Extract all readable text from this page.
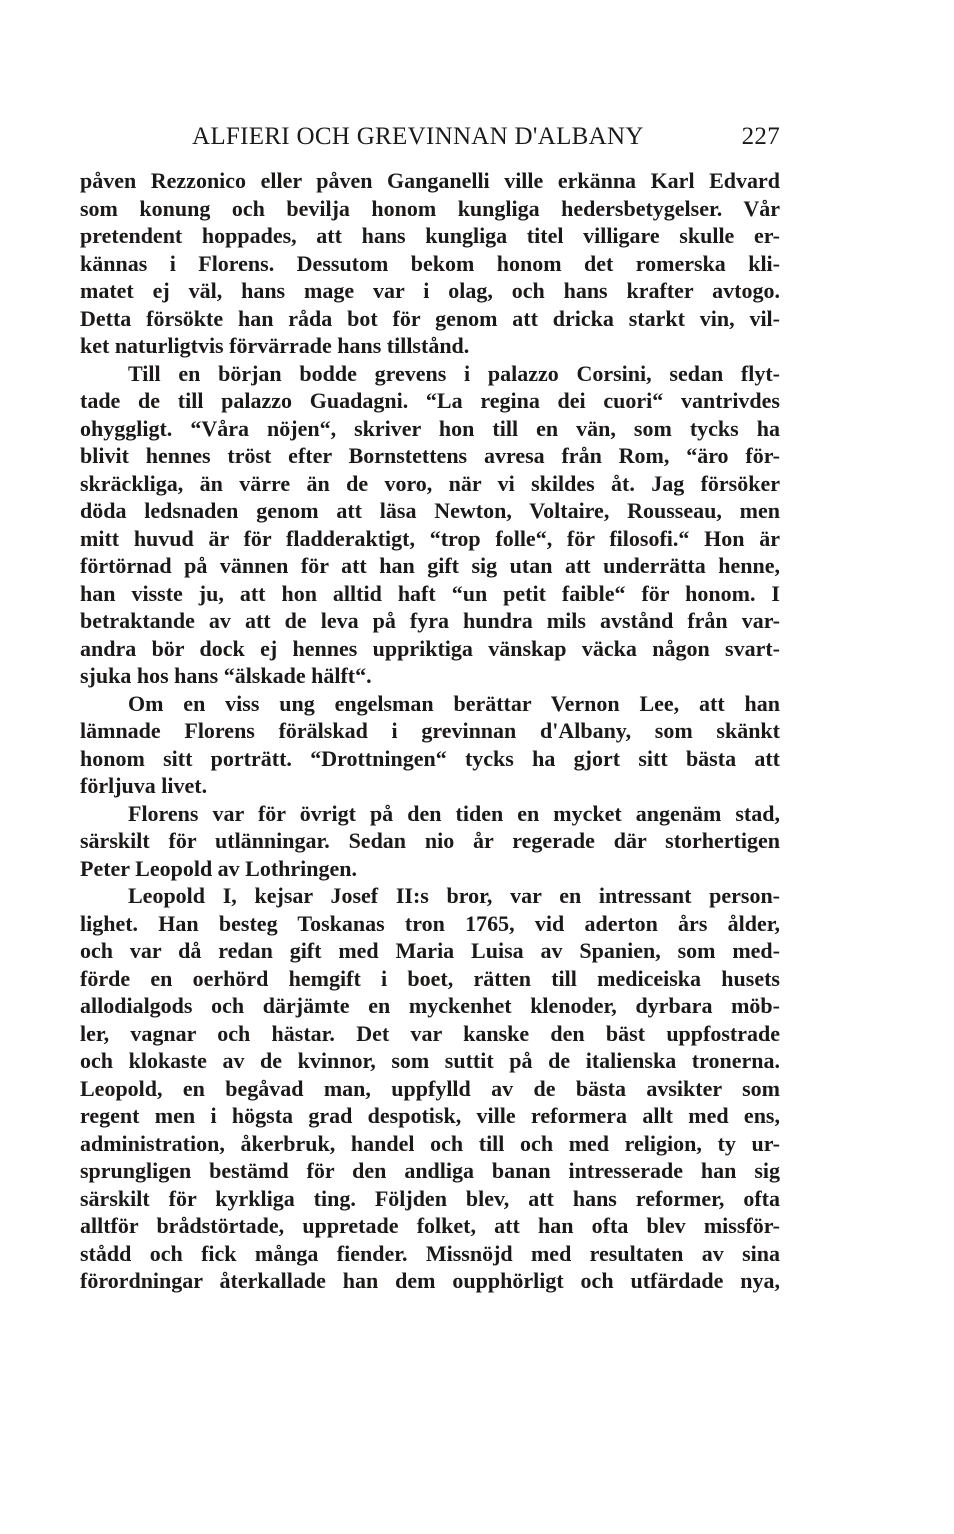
ALFIERI OCH GREVINNAN D'ALBANY	227
påven Rezzonico eller påven Ganganelli ville erkänna Karl Edvard
som konung och bevilja honom kungliga hedersbetygelser. Vår
pretendent hoppades, att hans kungliga titel villigare skulle er-
kännas i Florens. Dessutom bekom honom det romerska kli-
matet ej väl, hans mage var i olag, och hans krafter avtogo.
Detta försökte han råda bot för genom att dricka starkt vin, vil-
ket naturligtvis förvärrade hans tillstånd.
Till en början bodde grevens i palazzo Corsini, sedan flyt-
tade de till palazzo Guadagni. “La regina dei cuori“ vantrivdes
ohyggligt. “Våra nöjen“, skriver hon till en vän, som tycks ha
blivit hennes tröst efter Bornstettens avresa från Rom, “äro för-
skräckliga, än värre än de voro, när vi skildes åt. Jag försöker
döda ledsnaden genom att läsa Newton, Voltaire, Rousseau, men
mitt huvud är för fladderaktigt, “trop folle“, för filosofi.“ Hon är
förtörnad på vännen för att han gift sig utan att underrätta henne,
han visste ju, att hon alltid haft “un petit faible“ för honom. I
betraktande av att de leva på fyra hundra mils avstånd från var-
andra bör dock ej hennes uppriktiga vänskap väcka någon svart-
sjuka hos hans “älskade hälft“.
Om en viss ung engelsman berättar Vernon Lee, att han
lämnade Florens förälskad i grevinnan d'Albany, som skänkt
honom sitt porträtt. “Drottningen“ tycks ha gjort sitt bästa att
förljuva livet.
Florens var för övrigt på den tiden en mycket angenäm stad,
särskilt för utlänningar. Sedan nio år regerade där storhertigen
Peter Leopold av Lothringen.
Leopold I, kejsar Josef II:s bror, var en intressant person-
lighet. Han besteg Toskanas tron 1765, vid aderton års ålder,
och var då redan gift med Maria Luisa av Spanien, som med-
förde en oerhörd hemgift i boet, rätten till mediceiska husets
allodialgods och därjämte en myckenhet klenoder, dyrbara möb-
ler, vagnar och hästar. Det var kanske den bäst uppfostrade
och klokaste av de kvinnor, som suttit på de italienska tronerna.
Leopold, en begåvad man, uppfylld av de bästa avsikter som
regent men i högsta grad despotisk, ville reformera allt med ens,
administration, åkerbruk, handel och till och med religion, ty ur-
sprungligen bestämd för den andliga banan intresserade han sig
särskilt för kyrkliga ting. Följden blev, att hans reformer, ofta
alltför brådstörtade, uppretade folket, att han ofta blev missför-
stådd och fick många fiender. Missnöjd med resultaten av sina
förordningar återkallade han dem oupphörligt och utfärdade nya,
